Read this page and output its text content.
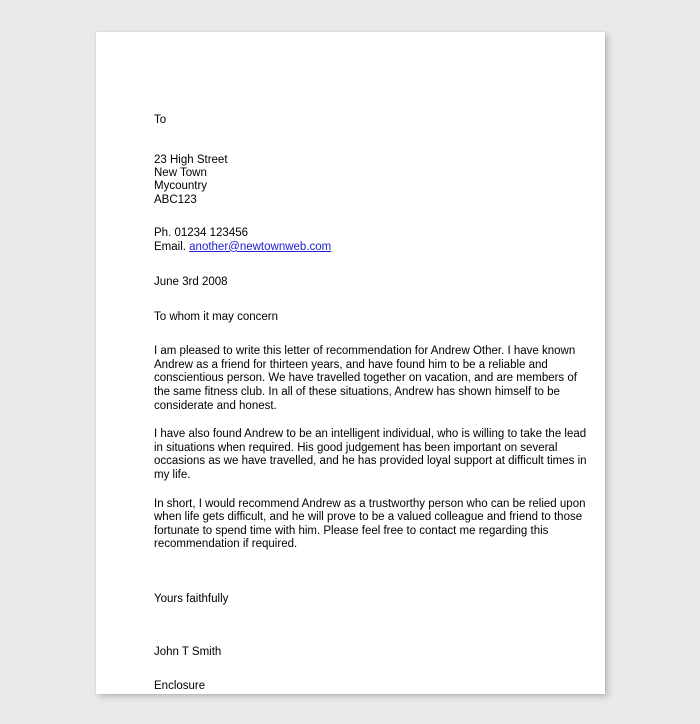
To

23 High Street
New Town
Mycountry
ABC123
Ph. 01234 123456
Email. another@newtownweb.com

June 3rd 2008

To whom it may concern

I am pleased to write this letter of recommendation for Andrew Other. I have known Andrew as a friend for thirteen years, and have found him to be a reliable and conscientious person. We have travelled together on vacation, and are members of the same fitness club. In all of these situations, Andrew has shown himself to be considerate and honest.

I have also found Andrew to be an intelligent individual, who is willing to take the lead in situations when required. His good judgement has been important on several occasions as we have travelled, and he has provided loyal support at difficult times in my life.

In short, I would recommend Andrew as a trustworthy person who can be relied upon when life gets difficult, and he will prove to be a valued colleague and friend to those fortunate to spend time with him. Please feel free to contact me regarding this recommendation if required.

Yours faithfully

John T Smith

Enclosure
